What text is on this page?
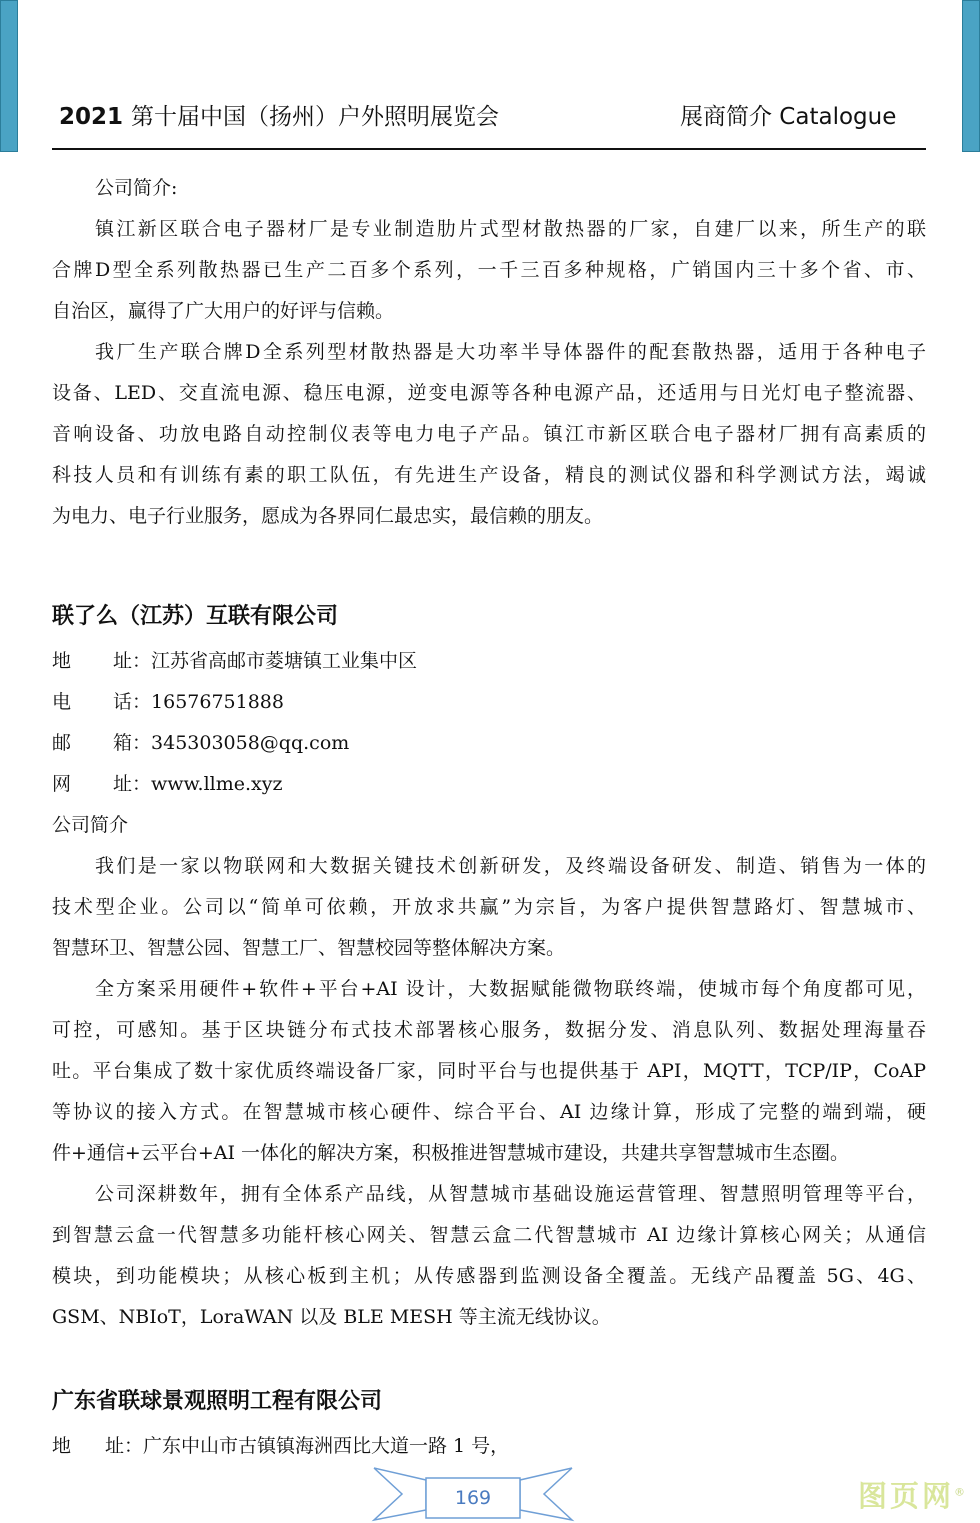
2021 第十届中国（扬州）户外照明展览会	展商简介 Catalogue
公司简介:
镇江新区联合电子器材厂是专业制造肋片式型材散热器的厂家，自建厂以来，所生产的联
合牌D型全系列散热器已生产二百多个系列，一千三百多种规格，广销国内三十多个省、市、
自治区，赢得了广大用户的好评与信赖。
我厂生产联合牌D全系列型材散热器是大功率半导体器件的配套散热器，适用于各种电子
设备、LED、交直流电源、稳压电源，逆变电源等各种电源产品，还适用与日光灯电子整流器、
音响设备、功放电路自动控制仪表等电力电子产品。镇江市新区联合电子器材厂拥有高素质的
科技人员和有训练有素的职工队伍，有先进生产设备，精良的测试仪器和科学测试方法，竭诚
为电力、电子行业服务，愿成为各界同仁最忠实，最信赖的朋友。
联了么（江苏）互联有限公司
地 址：江苏省高邮市菱塘镇工业集中区
电 话：16576751888
邮 箱：345303058@qq.com
网 址：www.llme.xyz
公司简介
我们是一家以物联网和大数据关键技术创新研发，及终端设备研发、制造、销售为一体的
技术型企业。公司以“简单可依赖，开放求共赢”为宗旨，为客户提供智慧路灯、智慧城市、
智慧环卫、智慧公园、智慧工厂、智慧校园等整体解决方案。
全方案采用硬件+软件+平台+AI 设计，大数据赋能微物联终端，使城市每个角度都可见，
可控，可感知。基于区块链分布式技术部署核心服务，数据分发、消息队列、数据处理海量吞
吐。平台集成了数十家优质终端设备厂家，同时平台与也提供基于 API，MQTT，TCP/IP，CoAP
等协议的接入方式。在智慧城市核心硬件、综合平台、AI 边缘计算，形成了完整的端到端，硬
件+通信+云平台+AI 一体化的解决方案，积极推进智慧城市建设，共建共享智慧城市生态圈。
公司深耕数年，拥有全体系产品线，从智慧城市基础设施运营管理、智慧照明管理等平台，
到智慧云盒一代智慧多功能杆核心网关、智慧云盒二代智慧城市 AI 边缘计算核心网关；从通信
模块，到功能模块；从核心板到主机；从传感器到监测设备全覆盖。无线产品覆盖 5G、4G、
GSM、NBIoT，LoraWAN 以及 BLE MESH 等主流无线协议。
广东省联球景观照明工程有限公司
地 址：广东中山市古镇镇海洲西比大道一路 1 号，
169	图页网®
